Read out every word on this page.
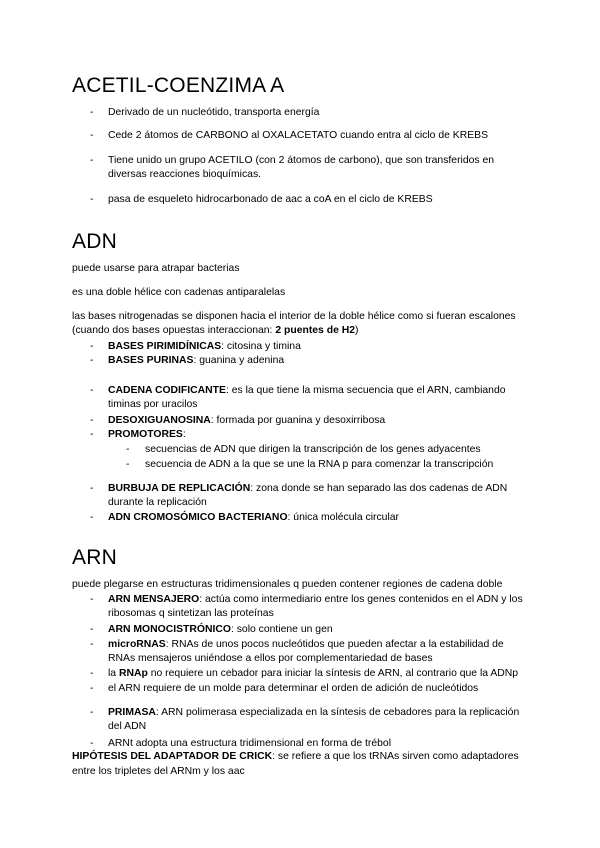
ACETIL-COENZIMA A
-	Derivado de un nucleótido, transporta energía
-	Cede 2 átomos de CARBONO al OXALACETATO cuando entra al ciclo de KREBS
-	Tiene unido un grupo ACETILO (con 2 átomos de carbono), que son transferidos en
diversas reacciones bioquímicas.
-	pasa de esqueleto hidrocarbonado de aac a coA en el ciclo de KREBS
ADN
puede usarse para atrapar bacterias
es una doble hélice con cadenas antiparalelas
las bases nitrogenadas se disponen hacia el interior de la doble hélice como si fueran escalones
(cuando dos bases opuestas interaccionan: 2 puentes de H2)
-	BASES PIRIMIDÍNICAS: citosina y timina
-	BASES PURINAS: guanina y adenina
-	CADENA CODIFICANTE: es la que tiene la misma secuencia que el ARN, cambiando
timinas por uracilos
-	DESOXIGUANOSINA: formada por guanina y desoxirribosa
-	PROMOTORES:
-	secuencias de ADN que dirigen la transcripción de los genes adyacentes
-	secuencia de ADN a la que se une la RNA p para comenzar la transcripción
-	BURBUJA DE REPLICACIÓN: zona donde se han separado las dos cadenas de ADN
durante la replicación
-	ADN CROMOSÓMICO BACTERIANO: única molécula circular
ARN
puede plegarse en estructuras tridimensionales q pueden contener regiones de cadena doble
-	ARN MENSAJERO: actúa como intermediario entre los genes contenidos en el ADN y los
ribosomas q sintetizan las proteínas
-	ARN MONOCISTRÓNICO: solo contiene un gen
-	microRNAS: RNAs de unos pocos nucleótidos que pueden afectar a la estabilidad de
RNAs mensajeros uniéndose a ellos por complementariedad de bases
-	la RNAp no requiere un cebador para iniciar la síntesis de ARN, al contrario que la ADNp
-	el ARN requiere de un molde para determinar el orden de adición de nucleótidos
-	PRIMASA: ARN polimerasa especializada en la síntesis de cebadores para la replicación
del ADN
-	ARNt adopta una estructura tridimensional en forma de trébol
HIPÓTESIS DEL ADAPTADOR DE CRICK: se refiere a que los tRNAs sirven como adaptadores
entre los tripletes del ARNm y los aac
